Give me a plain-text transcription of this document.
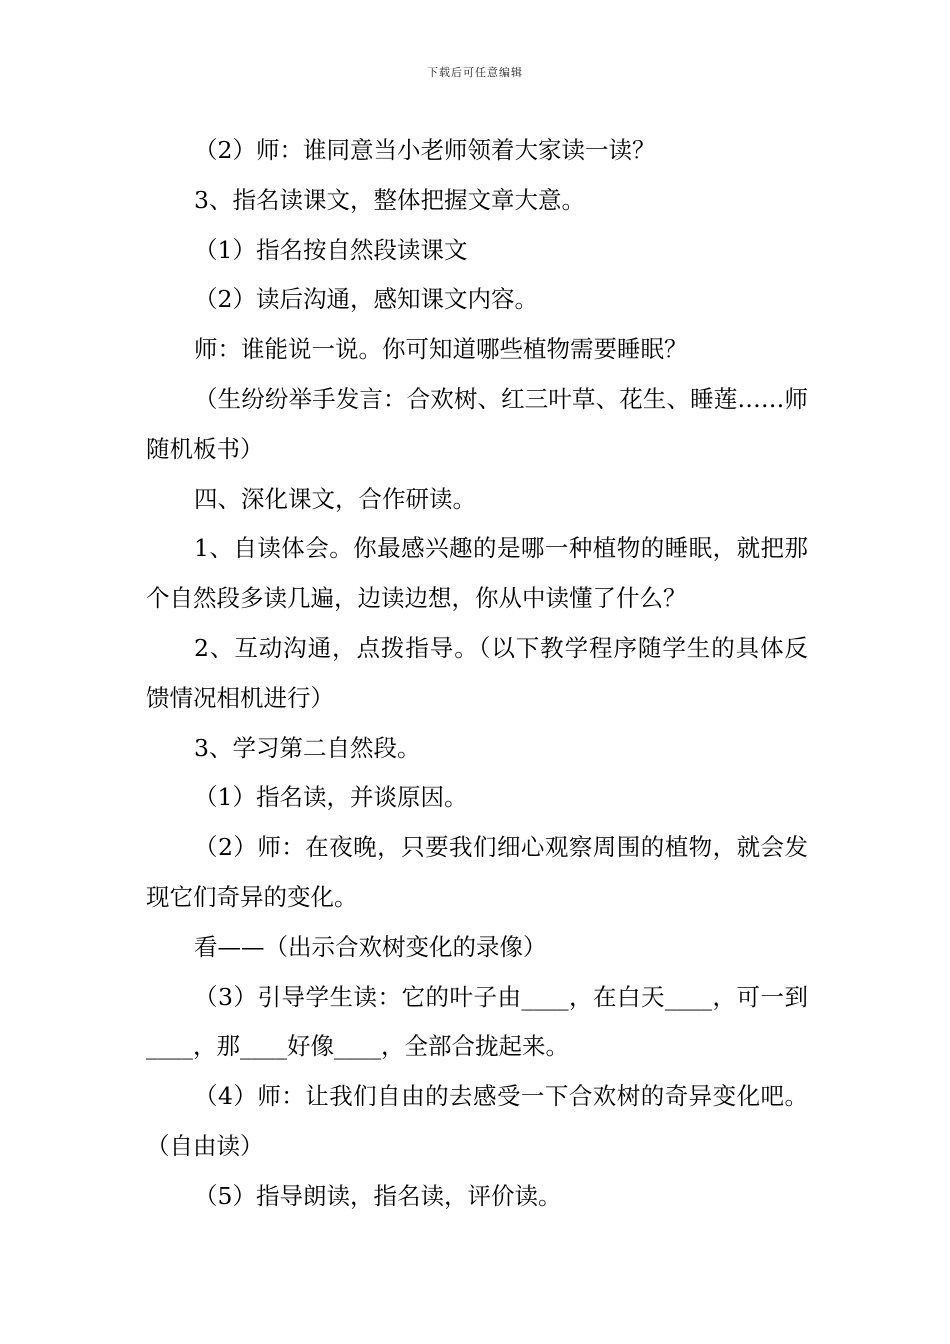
下载后可任意编辑

（2）师：谁同意当小老师领着大家读一读？

3、指名读课文，整体把握文章大意。

（1）指名按自然段读课文

（2）读后沟通，感知课文内容。

师：谁能说一说。你可知道哪些植物需要睡眠？

（生纷纷举手发言：合欢树、红三叶草、花生、睡莲……师随机板书）

四、深化课文，合作研读。

1、自读体会。你最感兴趣的是哪一种植物的睡眠，就把那个自然段多读几遍，边读边想，你从中读懂了什么？

2、互动沟通，点拨指导。（以下教学程序随学生的具体反馈情况相机进行）

3、学习第二自然段。

（1）指名读，并谈原因。

（2）师：在夜晚，只要我们细心观察周围的植物，就会发现它们奇异的变化。

看——（出示合欢树变化的录像）

（3）引导学生读：它的叶子由____，在白天____，可一到____，那____好像____，全部合拢起来。

（4）师：让我们自由的去感受一下合欢树的奇异变化吧。（自由读）

（5）指导朗读，指名读，评价读。
